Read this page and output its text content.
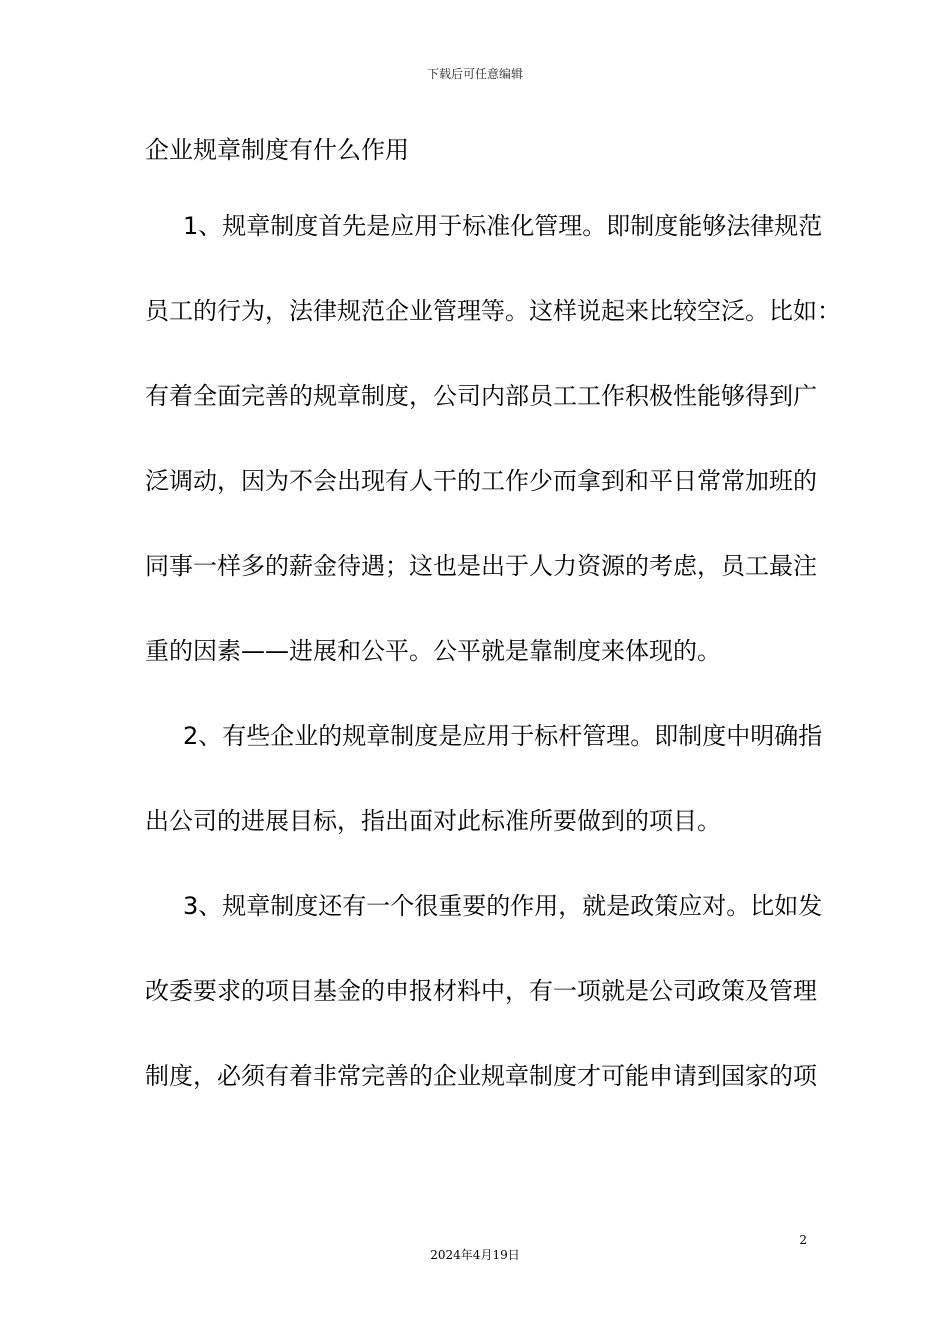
下载后可任意编辑
企业规章制度有什么作用
1、规章制度首先是应用于标准化管理。即制度能够法律规范
员工的行为，法律规范企业管理等。这样说起来比较空泛。比如：
有着全面完善的规章制度，公司内部员工工作积极性能够得到广
泛调动，因为不会出现有人干的工作少而拿到和平日常常加班的
同事一样多的薪金待遇；这也是出于人力资源的考虑，员工最注
重的因素——进展和公平。公平就是靠制度来体现的。
2、有些企业的规章制度是应用于标杆管理。即制度中明确指
出公司的进展目标，指出面对此标准所要做到的项目。
3、规章制度还有一个很重要的作用，就是政策应对。比如发
改委要求的项目基金的申报材料中，有一项就是公司政策及管理
制度，必须有着非常完善的企业规章制度才可能申请到国家的项
2
2024年4月19日
